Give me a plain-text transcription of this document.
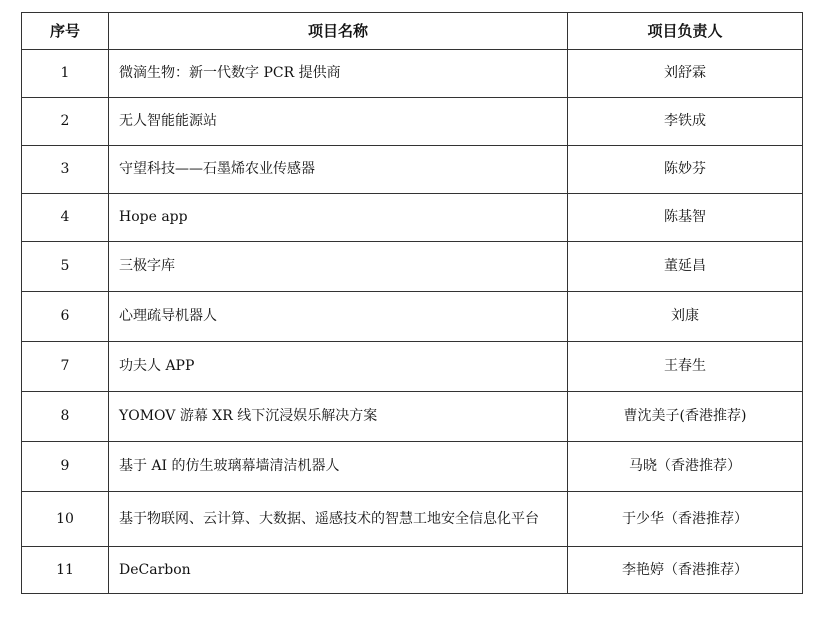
序号	项目名称	项目负责人
1	微滴生物：新一代数字 PCR 提供商	刘舒霖
2	无人智能能源站	李铁成
3	守望科技——石墨烯农业传感器	陈妙芬
4	Hope app	陈基智
5	三极字库	董延昌
6	心理疏导机器人	刘康
7	功夫人 APP	王春生
8	YOMOV 游幕 XR 线下沉浸娱乐解决方案	曹沈美子(香港推荐)
9	基于 AI 的仿生玻璃幕墙清洁机器人	马晓（香港推荐）
10	基于物联网、云计算、大数据、遥感技术的智慧工地安全信息化平台	于少华（香港推荐）
11	DeCarbon	李艳婷（香港推荐）
